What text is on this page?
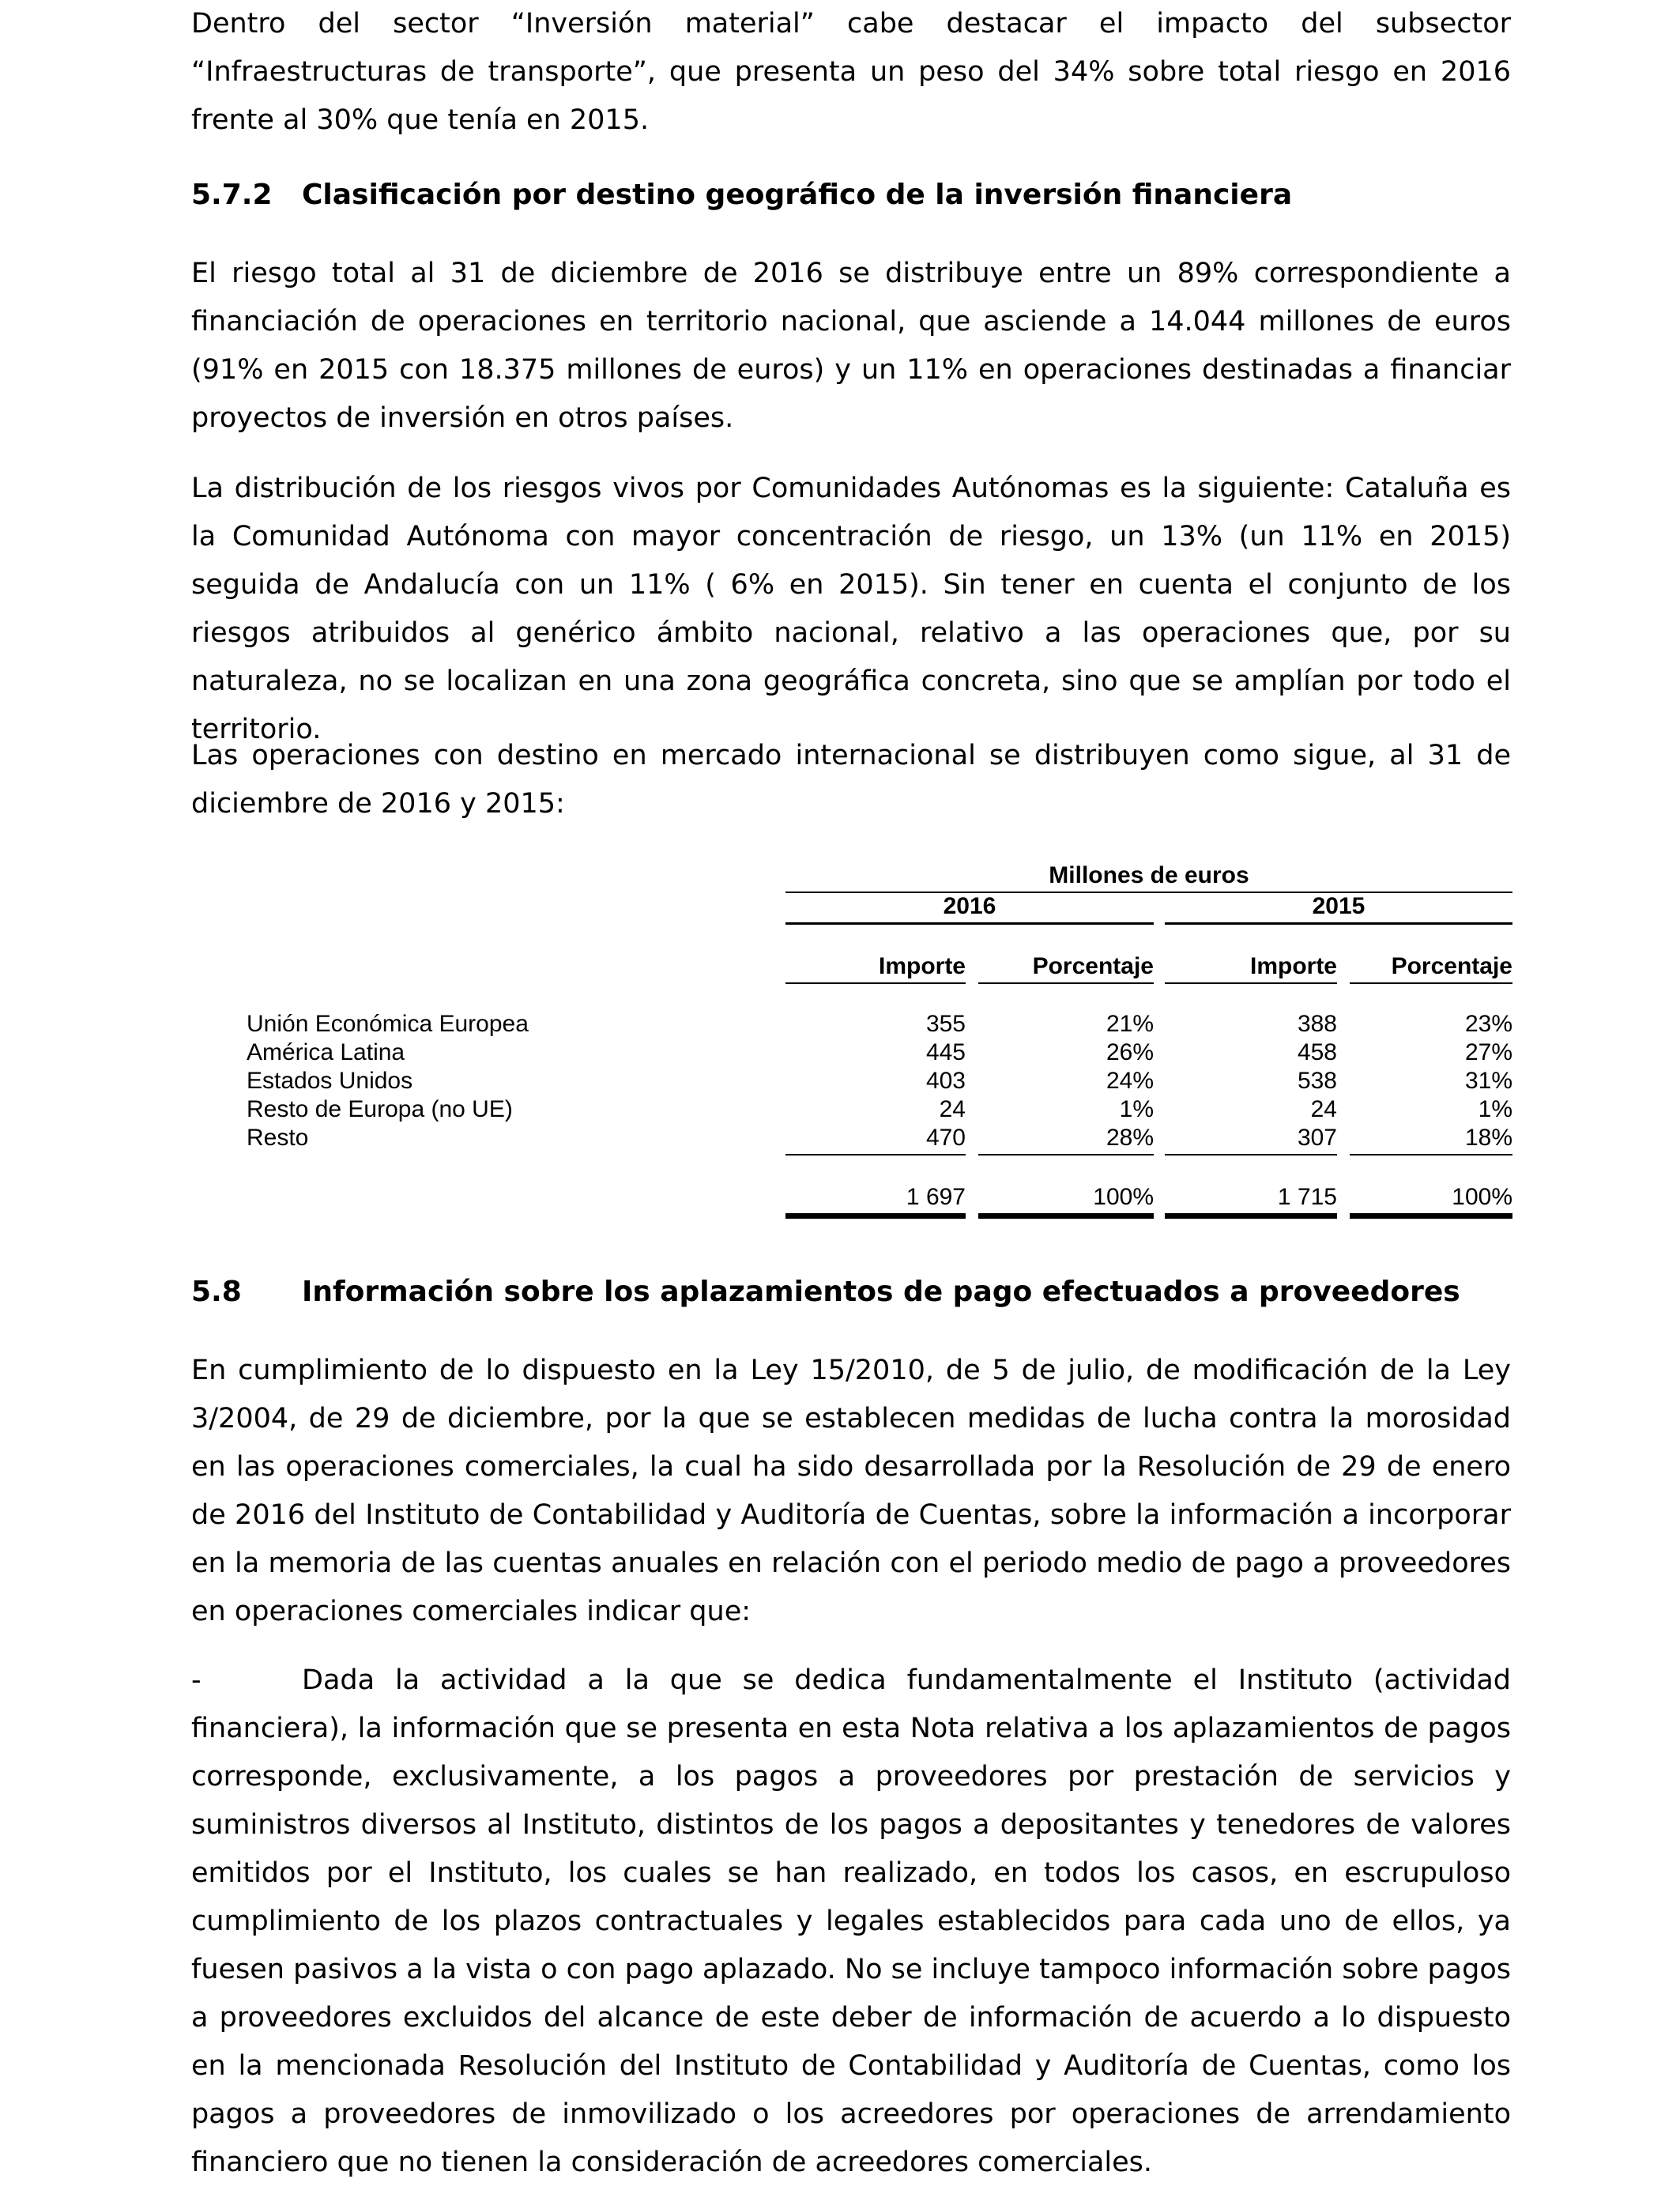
Dentro del sector “Inversión material” cabe destacar el impacto del subsector “Infraestructuras de transporte”, que presenta un peso del 34% sobre total riesgo en 2016 frente al 30% que tenía en 2015.

5.7.2 Clasificación por destino geográfico de la inversión financiera

El riesgo total al 31 de diciembre de 2016 se distribuye entre un 89% correspondiente a financiación de operaciones en territorio nacional, que asciende a 14.044 millones de euros (91% en 2015 con 18.375 millones de euros) y un 11% en operaciones destinadas a financiar proyectos de inversión en otros países.

La distribución de los riesgos vivos por Comunidades Autónomas es la siguiente: Cataluña es la Comunidad Autónoma con mayor concentración de riesgo, un 13% (un 11% en 2015) seguida de Andalucía con un 11% ( 6% en 2015). Sin tener en cuenta el conjunto de los riesgos atribuidos al genérico ámbito nacional, relativo a las operaciones que, por su naturaleza, no se localizan en una zona geográfica concreta, sino que se amplían por todo el territorio.

Las operaciones con destino en mercado internacional se distribuyen como sigue, al 31 de diciembre de 2016 y 2015:

Millones de euros
2016	2015
Importe	Porcentaje	Importe	Porcentaje
Unión Económica Europea	355	21%	388	23%
América Latina	445	26%	458	27%
Estados Unidos	403	24%	538	31%
Resto de Europa (no UE)	24	1%	24	1%
Resto	470	28%	307	18%
1 697	100%	1 715	100%
5.8 Información sobre los aplazamientos de pago efectuados a proveedores

En cumplimiento de lo dispuesto en la Ley 15/2010, de 5 de julio, de modificación de la Ley 3/2004, de 29 de diciembre, por la que se establecen medidas de lucha contra la morosidad en las operaciones comerciales, la cual ha sido desarrollada por la Resolución de 29 de enero de 2016 del Instituto de Contabilidad y Auditoría de Cuentas, sobre la información a incorporar en la memoria de las cuentas anuales en relación con el periodo medio de pago a proveedores en operaciones comerciales indicar que:

-	Dada la actividad a la que se dedica fundamentalmente el Instituto (actividad financiera), la información que se presenta en esta Nota relativa a los aplazamientos de pagos corresponde, exclusivamente, a los pagos a proveedores por prestación de servicios y suministros diversos al Instituto, distintos de los pagos a depositantes y tenedores de valores emitidos por el Instituto, los cuales se han realizado, en todos los casos, en escrupuloso cumplimiento de los plazos contractuales y legales establecidos para cada uno de ellos, ya fuesen pasivos a la vista o con pago aplazado. No se incluye tampoco información sobre pagos a proveedores excluidos del alcance de este deber de información de acuerdo a lo dispuesto en la mencionada Resolución del Instituto de Contabilidad y Auditoría de Cuentas, como los pagos a proveedores de inmovilizado o los acreedores por operaciones de arrendamiento financiero que no tienen la consideración de acreedores comerciales.
